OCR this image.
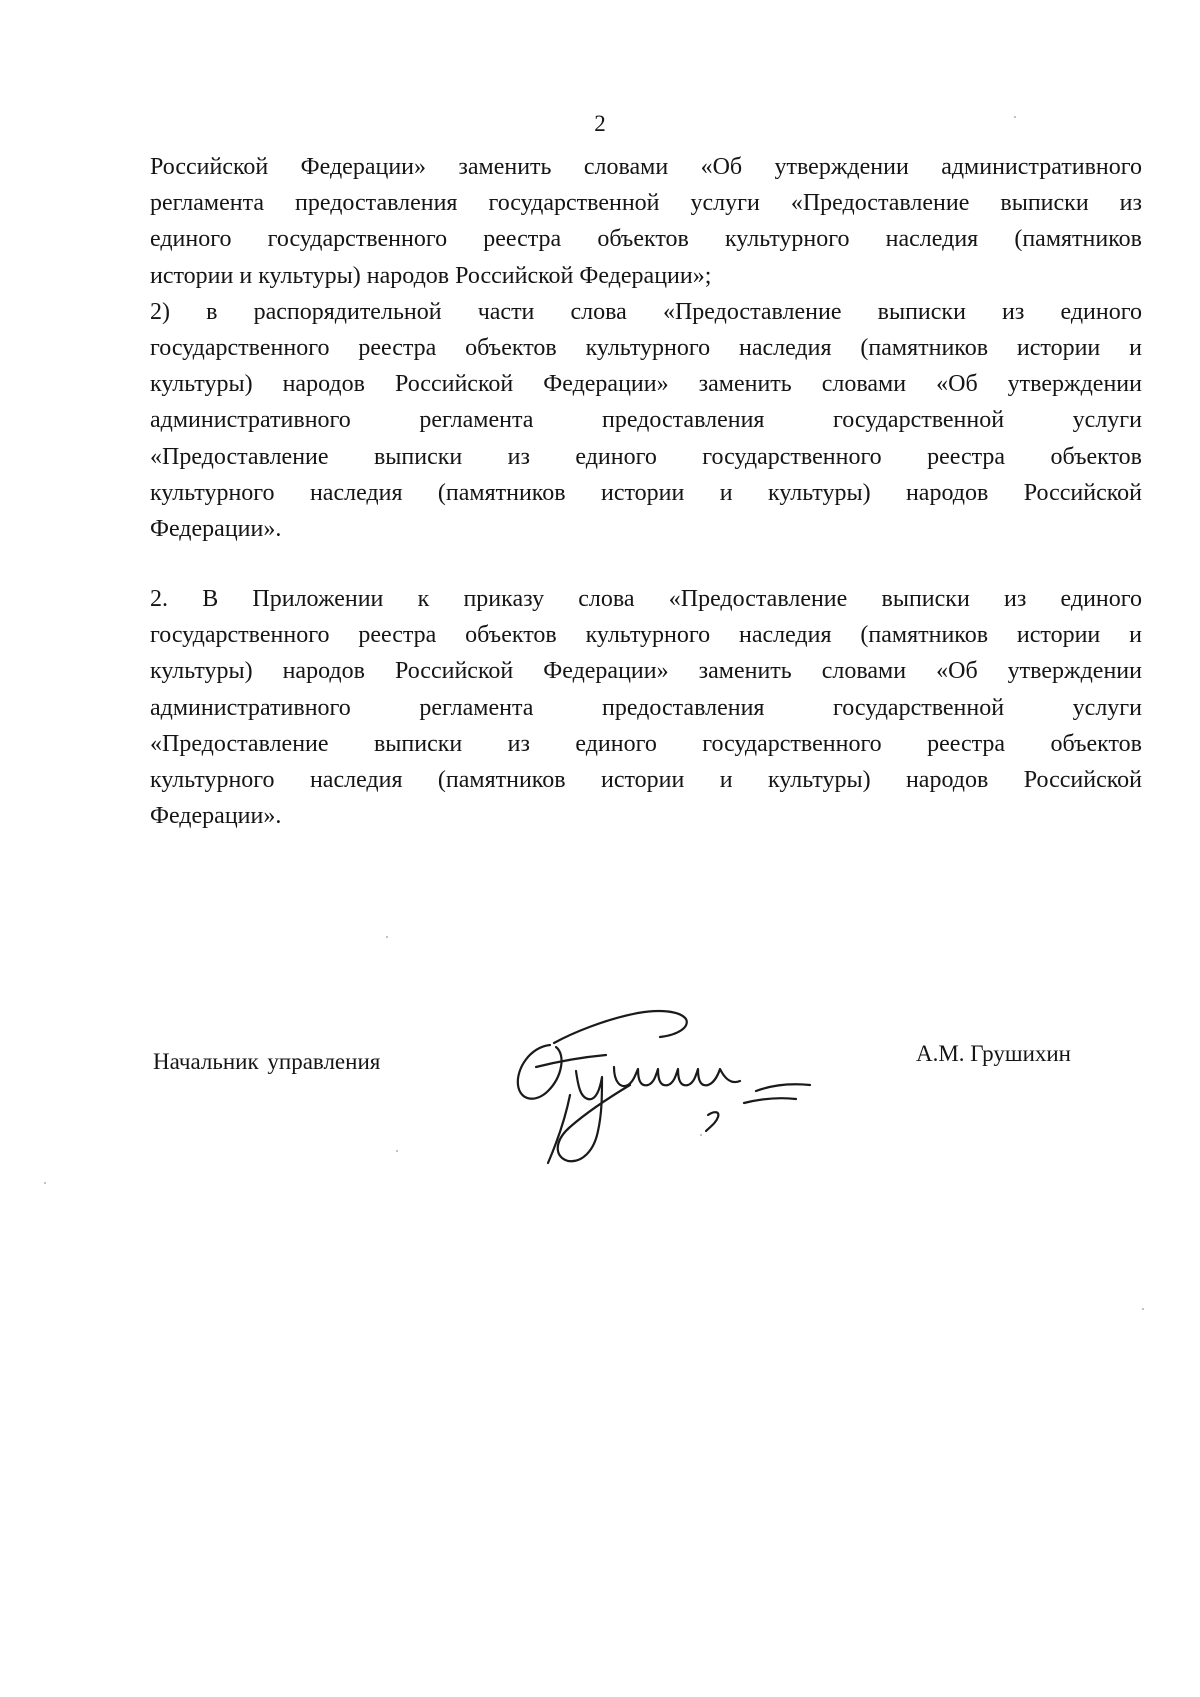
2
Российской Федерации» заменить словами «Об утверждении административного
регламента предоставления государственной услуги «Предоставление выписки из
единого государственного реестра объектов культурного наследия (памятников
истории и культуры) народов Российской Федерации»;
2) в распорядительной части слова «Предоставление выписки из единого
государственного реестра объектов культурного наследия (памятников истории и
культуры) народов Российской Федерации» заменить словами «Об утверждении
административного регламента предоставления государственной услуги
«Предоставление выписки из единого государственного реестра объектов
культурного наследия (памятников истории и культуры) народов Российской
Федерации».
2. В Приложении к приказу слова «Предоставление выписки из единого
государственного реестра объектов культурного наследия (памятников истории и
культуры) народов Российской Федерации» заменить словами «Об утверждении
административного регламента предоставления государственной услуги
«Предоставление выписки из единого государственного реестра объектов
культурного наследия (памятников истории и культуры) народов Российской
Федерации».
Начальник управления	А.М. Грушихин
